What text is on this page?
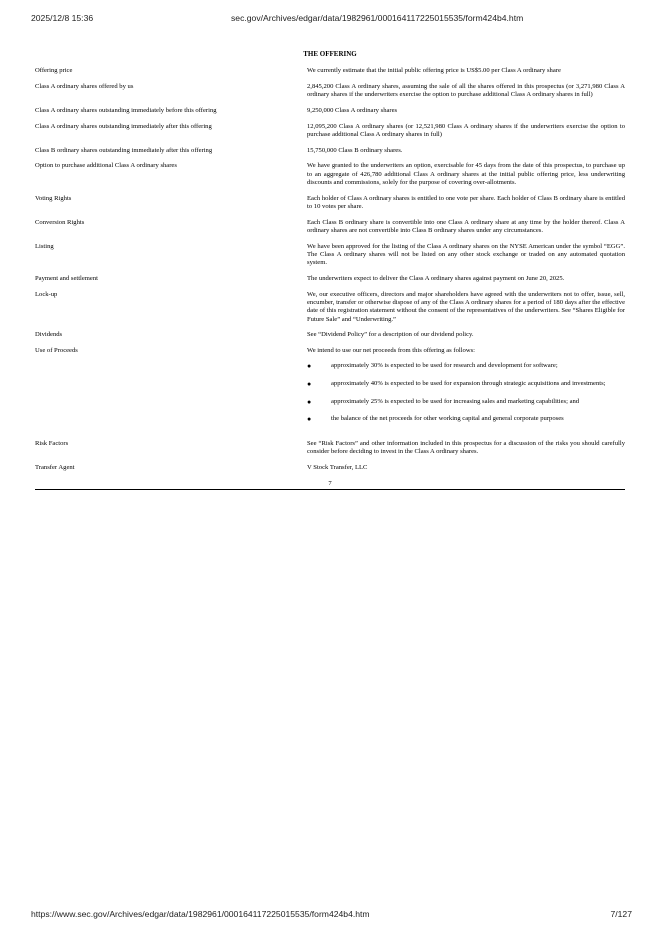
2025/12/8 15:36	sec.gov/Archives/edgar/data/1982961/000164117225015535/form424b4.htm
THE OFFERING
Offering price	We currently estimate that the initial public offering price is US$5.00 per Class A ordinary share
Class A ordinary shares offered by us	2,845,200 Class A ordinary shares, assuming the sale of all the shares offered in this prospectus (or 3,271,980 Class A ordinary shares if the underwriters exercise the option to purchase additional Class A ordinary shares in full)
Class A ordinary shares outstanding immediately before this offering	9,250,000 Class A ordinary shares
Class A ordinary shares outstanding immediately after this offering	12,095,200 Class A ordinary shares (or 12,521,980 Class A ordinary shares if the underwriters exercise the option to purchase additional Class A ordinary shares in full)
Class B ordinary shares outstanding immediately after this offering	15,750,000 Class B ordinary shares.
Option to purchase additional Class A ordinary shares	We have granted to the underwriters an option, exercisable for 45 days from the date of this prospectus, to purchase up to an aggregate of 426,780 additional Class A ordinary shares at the initial public offering price, less underwriting discounts and commissions, solely for the purpose of covering over-allotments.
Voting Rights	Each holder of Class A ordinary shares is entitled to one vote per share. Each holder of Class B ordinary share is entitled to 10 votes per share.
Conversion Rights	Each Class B ordinary share is convertible into one Class A ordinary share at any time by the holder thereof. Class A ordinary shares are not convertible into Class B ordinary shares under any circumstances.
Listing	We have been approved for the listing of the Class A ordinary shares on the NYSE American under the symbol “EGG”. The Class A ordinary shares will not be listed on any other stock exchange or traded on any automated quotation system.
Payment and settlement	The underwriters expect to deliver the Class A ordinary shares against payment on June 20, 2025.
Lock-up	We, our executive officers, directors and major shareholders have agreed with the underwriters not to offer, issue, sell, encumber, transfer or otherwise dispose of any of the Class A ordinary shares for a period of 180 days after the effective date of this registration statement without the consent of the representatives of the underwriters. See “Shares Eligible for Future Sale” and “Underwriting.”
Dividends	See “Dividend Policy” for a description of our dividend policy.
Use of Proceeds	We intend to use our net proceeds from this offering as follows:
●	approximately 30% is expected to be used for research and development for software;
●	approximately 40% is expected to be used for expansion through strategic acquisitions and investments;
●	approximately 25% is expected to be used for increasing sales and marketing capabilities; and
●	the balance of the net proceeds for other working capital and general corporate purposes
Risk Factors	See “Risk Factors” and other information included in this prospectus for a discussion of the risks you should carefully consider before deciding to invest in the Class A ordinary shares.
Transfer Agent	V Stock Transfer, LLC
7
https://www.sec.gov/Archives/edgar/data/1982961/000164117225015535/form424b4.htm	7/127
